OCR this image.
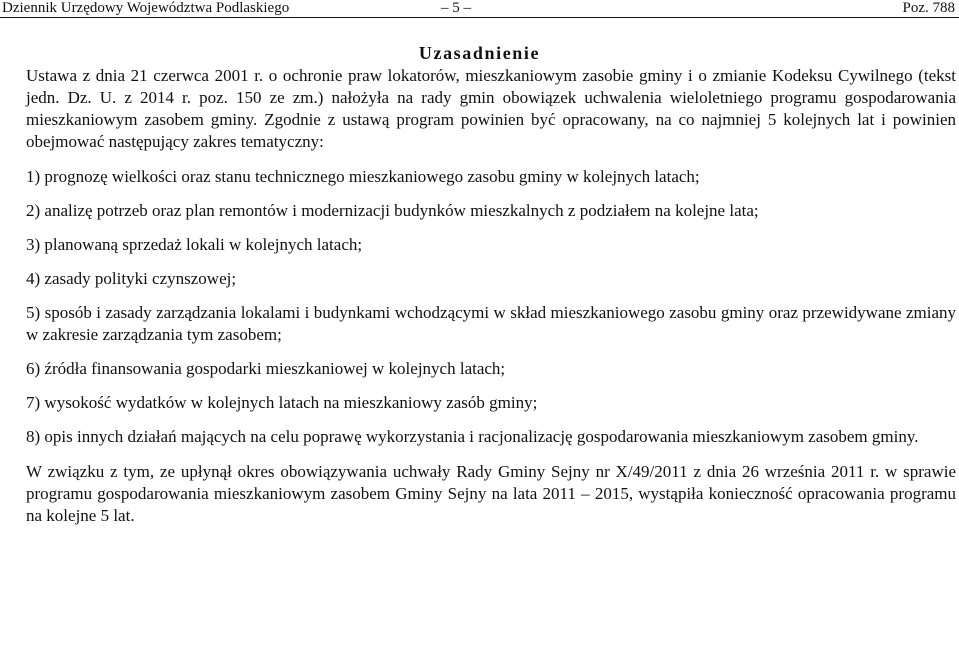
Dziennik Urzędowy Województwa Podlaskiego	– 5 –	Poz. 788
Uzasadnienie

Ustawa z dnia 21 czerwca 2001 r. o ochronie praw lokatorów, mieszkaniowym zasobie gminy i o zmianie Kodeksu Cywilnego (tekst jedn. Dz. U. z 2014 r. poz. 150 ze zm.) nałożyła na rady gmin obowiązek uchwalenia wieloletniego programu gospodarowania mieszkaniowym zasobem gminy. Zgodnie z ustawą program powinien być opracowany, na co najmniej 5 kolejnych lat i powinien obejmować następujący zakres tematyczny:

1) prognozę wielkości oraz stanu technicznego mieszkaniowego zasobu gminy w kolejnych latach;

2) analizę potrzeb oraz plan remontów i modernizacji budynków mieszkalnych z podziałem na kolejne lata;

3) planowaną sprzedaż lokali w kolejnych latach;

4) zasady polityki czynszowej;

5) sposób i zasady zarządzania lokalami i budynkami wchodzącymi w skład mieszkaniowego zasobu gminy oraz przewidywane zmiany w zakresie zarządzania tym zasobem;

6) źródła finansowania gospodarki mieszkaniowej w kolejnych latach;

7) wysokość wydatków w kolejnych latach na mieszkaniowy zasób gminy;

8) opis innych działań mających na celu poprawę wykorzystania i racjonalizację gospodarowania mieszkaniowym zasobem gminy.

W związku z tym, ze upłynął okres obowiązywania uchwały Rady Gminy Sejny nr X/49/2011 z dnia 26 września 2011 r. w sprawie programu gospodarowania mieszkaniowym zasobem Gminy Sejny na lata 2011 – 2015, wystąpiła konieczność opracowania programu na kolejne 5 lat.
